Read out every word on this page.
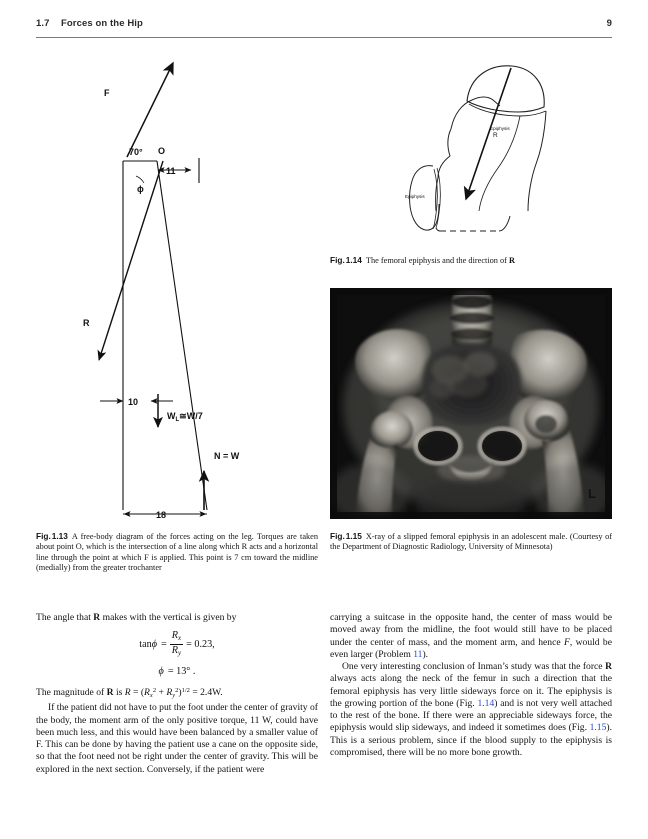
1.7 Forces on the Hip	9
F
70° O
R
ϕ
11
10
$W_L≅W/7$
N = W
18
Fig.1.13 A free-body diagram of the forces acting on the leg. Torques are taken about point O, which is the intersection of a line along which R acts and a horizontal line through the point at which F is applied. This point is 7 cm toward the midline (medially) from the greater trochanter
Epiphysis
Epiphysis
R
Fig.1.14 The femoral epiphysis and the direction of R
L
Fig.1.15 X-ray of a slipped femoral epiphysis in an adolescent male. (Courtesy of the Department of Diagnostic Radiology, University of Minnesota)

The angle that R makes with the vertical is given by

$\tan\phi = \frac{R_x}{R_y} = 0.23$,
ϕ = 13° .

The magnitude of R is $R = (R_x^2 + R_y^2)^{1/2} = 2.4W$.

If the patient did not have to put the foot under the center of gravity of the body, the moment arm of the only positive torque, 11 W, could have been much less, and this would have been balanced by a smaller value of F. This can be done by having the patient use a cane on the opposite side, so that the foot need not be right under the center of gravity. This will be explored in the next section. Conversely, if the patient were

carrying a suitcase in the opposite hand, the center of mass would be moved away from the midline, the foot would still have to be placed under the center of mass, and the moment arm, and hence F, would be even larger (Problem 11).

One very interesting conclusion of Inman’s study was that the force R always acts along the neck of the femur in such a direction that the femoral epiphysis has very little sideways force on it. The epiphysis is the growing portion of the bone (Fig. 1.14) and is not very well attached to the rest of the bone. If there were an appreciable sideways force, the epiphysis would slip sideways, and indeed it sometimes does (Fig. 1.15). This is a serious problem, since if the blood supply to the epiphysis is compromised, there will be no more bone growth.
